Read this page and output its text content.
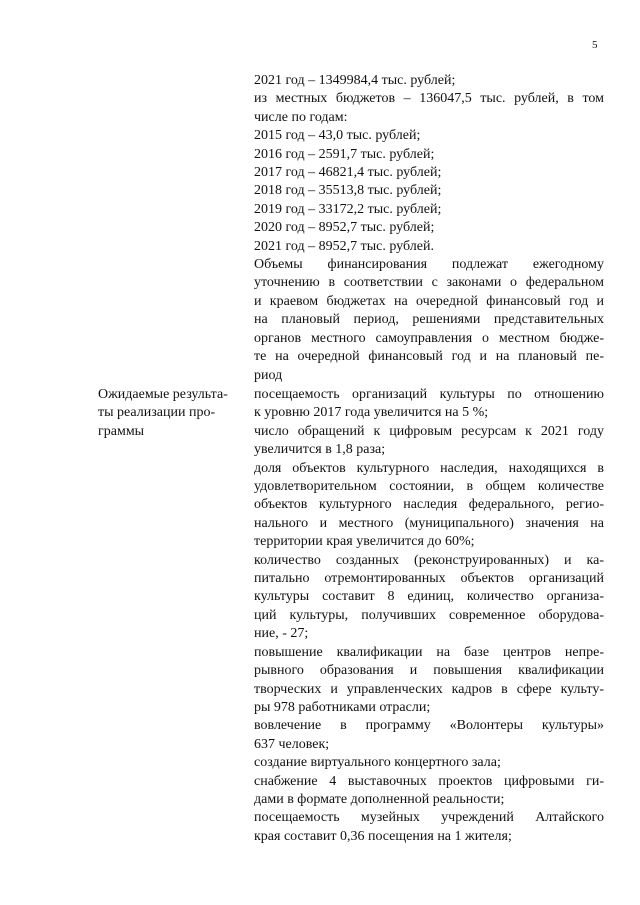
5
2021 год – 1349984,4 тыс. рублей;
из местных бюджетов – 136047,5 тыс. рублей, в том
числе по годам:
2015 год – 43,0 тыс. рублей;
2016 год – 2591,7 тыс. рублей;
2017 год – 46821,4 тыс. рублей;
2018 год – 35513,8 тыс. рублей;
2019 год – 33172,2 тыс. рублей;
2020 год – 8952,7 тыс. рублей;
2021 год – 8952,7 тыс. рублей.
Объемы финансирования подлежат ежегодному
уточнению в соответствии с законами о федеральном
и краевом бюджетах на очередной финансовый год и
на плановый период, решениями представительных
органов местного самоуправления о местном бюдже-
те на очередной финансовый год и на плановый пе-
риод
Ожидаемые результа-
ты реализации про-
граммы
посещаемость организаций культуры по отношению
к уровню 2017 года увеличится на 5 %;
число обращений к цифровым ресурсам к 2021 году
увеличится в 1,8 раза;
доля объектов культурного наследия, находящихся в
удовлетворительном состоянии, в общем количестве
объектов культурного наследия федерального, регио-
нального и местного (муниципального) значения на
территории края увеличится до 60%;
количество созданных (реконструированных) и ка-
питально отремонтированных объектов организаций
культуры составит 8 единиц, количество организа-
ций культуры, получивших современное оборудова-
ние, - 27;
повышение квалификации на базе центров непре-
рывного образования и повышения квалификации
творческих и управленческих кадров в сфере культу-
ры 978 работниками отрасли;
вовлечение в программу «Волонтеры культуры»
637 человек;
создание виртуального концертного зала;
снабжение 4 выставочных проектов цифровыми ги-
дами в формате дополненной реальности;
посещаемость музейных учреждений Алтайского
края составит 0,36 посещения на 1 жителя;
